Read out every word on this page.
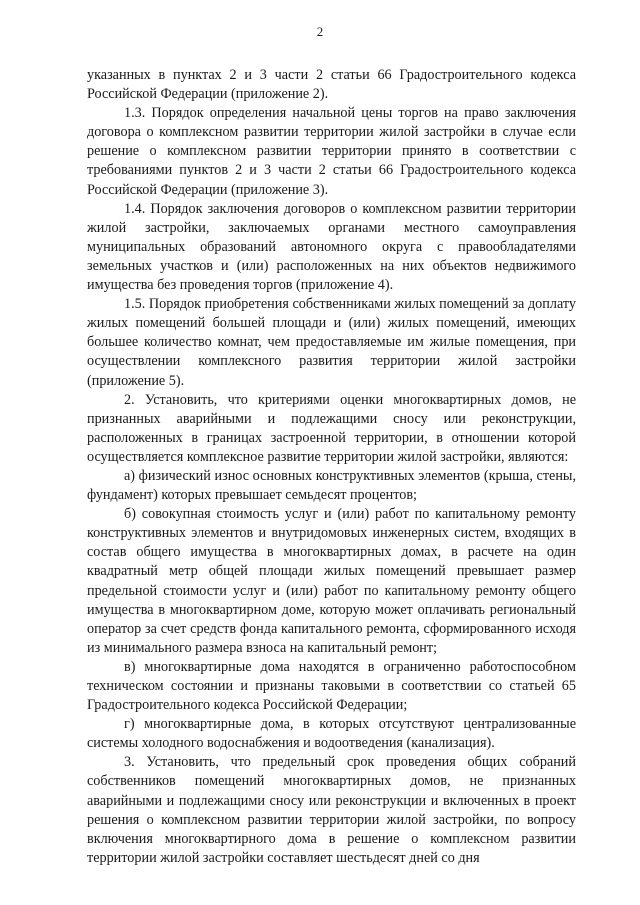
2

указанных в пунктах 2 и 3 части 2 статьи 66 Градостроительного кодекса Российской Федерации (приложение 2).

1.3. Порядок определения начальной цены торгов на право заключения договора о комплексном развитии территории жилой застройки в случае если решение о комплексном развитии территории принято в соответствии с требованиями пунктов 2 и 3 части 2 статьи 66 Градостроительного кодекса Российской Федерации (приложение 3).

1.4. Порядок заключения договоров о комплексном развитии территории жилой застройки, заключаемых органами местного самоуправления муниципальных образований автономного округа с правообладателями земельных участков и (или) расположенных на них объектов недвижимого имущества без проведения торгов (приложение 4).

1.5. Порядок приобретения собственниками жилых помещений за доплату жилых помещений большей площади и (или) жилых помещений, имеющих большее количество комнат, чем предоставляемые им жилые помещения, при осуществлении комплексного развития территории жилой застройки (приложение 5).

2. Установить, что критериями оценки многоквартирных домов, не признанных аварийными и подлежащими сносу или реконструкции, расположенных в границах застроенной территории, в отношении которой осуществляется комплексное развитие территории жилой застройки, являются:

а) физический износ основных конструктивных элементов (крыша, стены, фундамент) которых превышает семьдесят процентов;

б) совокупная стоимость услуг и (или) работ по капитальному ремонту конструктивных элементов и внутридомовых инженерных систем, входящих в состав общего имущества в многоквартирных домах, в расчете на один квадратный метр общей площади жилых помещений превышает размер предельной стоимости услуг и (или) работ по капитальному ремонту общего имущества в многоквартирном доме, которую может оплачивать региональный оператор за счет средств фонда капитального ремонта, сформированного исходя из минимального размера взноса на капитальный ремонт;

в) многоквартирные дома находятся в ограниченно работоспособном техническом состоянии и признаны таковыми в соответствии со статьей 65 Градостроительного кодекса Российской Федерации;

г) многоквартирные дома, в которых отсутствуют централизованные системы холодного водоснабжения и водоотведения (канализация).

3. Установить, что предельный срок проведения общих собраний собственников помещений многоквартирных домов, не признанных аварийными и подлежащими сносу или реконструкции и включенных в проект решения о комплексном развитии территории жилой застройки, по вопросу включения многоквартирного дома в решение о комплексном развитии территории жилой застройки составляет шестьдесят дней со дня
